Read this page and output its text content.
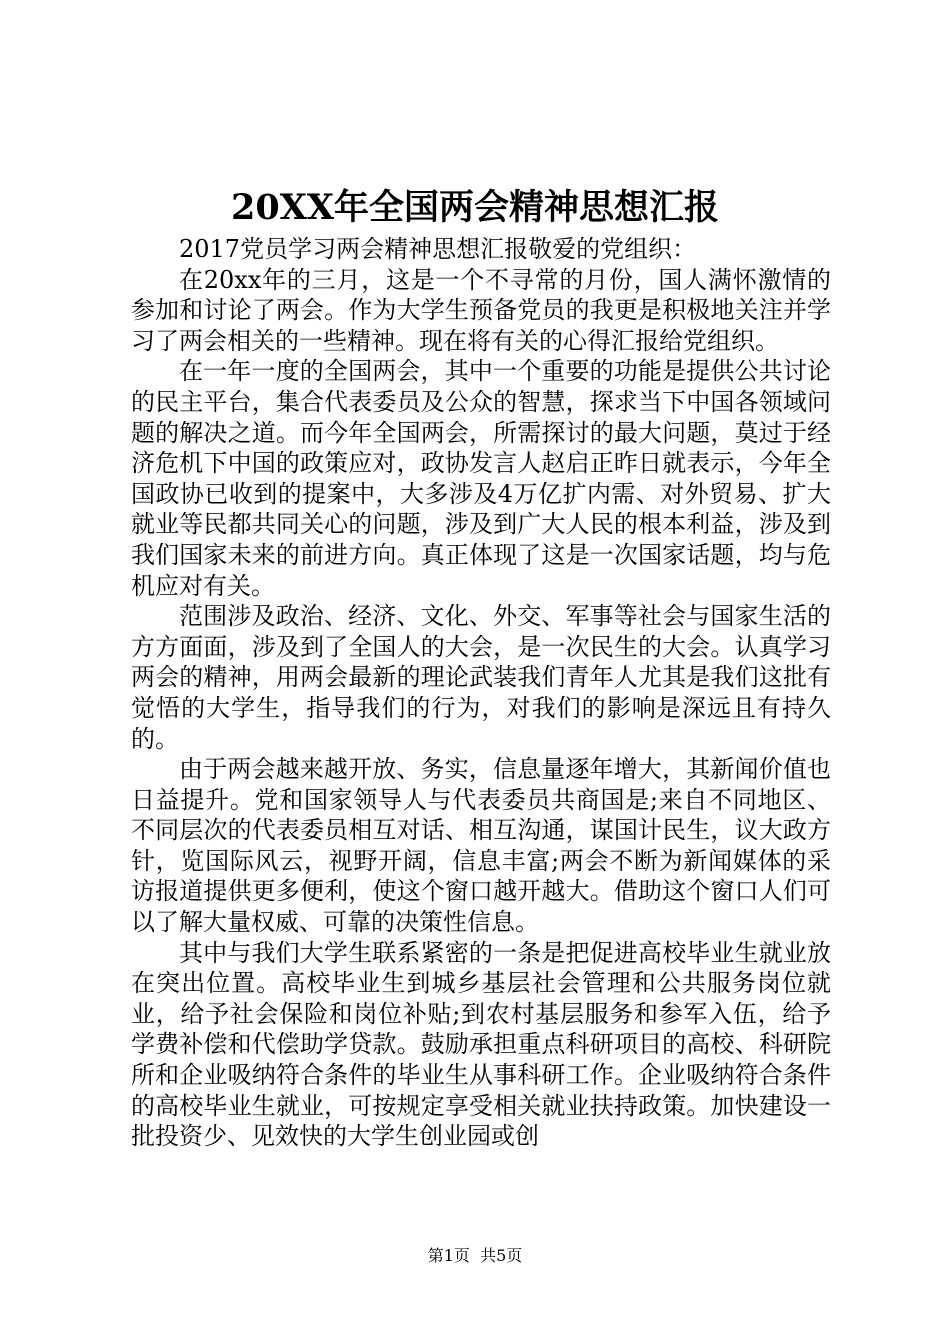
20XX年全国两会精神思想汇报

2017党员学习两会精神思想汇报敬爱的党组织：

在20xx年的三月，这是一个不寻常的月份，国人满怀激情的参加和讨论了两会。作为大学生预备党员的我更是积极地关注并学习了两会相关的一些精神。现在将有关的心得汇报给党组织。

在一年一度的全国两会，其中一个重要的功能是提供公共讨论的民主平台，集合代表委员及公众的智慧，探求当下中国各领域问题的解决之道。而今年全国两会，所需探讨的最大问题，莫过于经济危机下中国的政策应对，政协发言人赵启正昨日就表示，今年全国政协已收到的提案中，大多涉及4万亿扩内需、对外贸易、扩大就业等民都共同关心的问题，涉及到广大人民的根本利益，涉及到我们国家未来的前进方向。真正体现了这是一次国家话题，均与危机应对有关。

范围涉及政治、经济、文化、外交、军事等社会与国家生活的方方面面，涉及到了全国人的大会，是一次民生的大会。认真学习两会的精神，用两会最新的理论武装我们青年人尤其是我们这批有觉悟的大学生，指导我们的行为，对我们的影响是深远且有持久的。

由于两会越来越开放、务实，信息量逐年增大，其新闻价值也日益提升。党和国家领导人与代表委员共商国是;来自不同地区、不同层次的代表委员相互对话、相互沟通，谋国计民生，议大政方针，览国际风云，视野开阔，信息丰富;两会不断为新闻媒体的采访报道提供更多便利，使这个窗口越开越大。借助这个窗口人们可以了解大量权威、可靠的决策性信息。

其中与我们大学生联系紧密的一条是把促进高校毕业生就业放在突出位置。高校毕业生到城乡基层社会管理和公共服务岗位就业，给予社会保险和岗位补贴;到农村基层服务和参军入伍，给予学费补偿和代偿助学贷款。鼓励承担重点科研项目的高校、科研院所和企业吸纳符合条件的毕业生从事科研工作。企业吸纳符合条件的高校毕业生就业，可按规定享受相关就业扶持政策。加快建设一批投资少、见效快的大学生创业园或创

第1页  共5页
